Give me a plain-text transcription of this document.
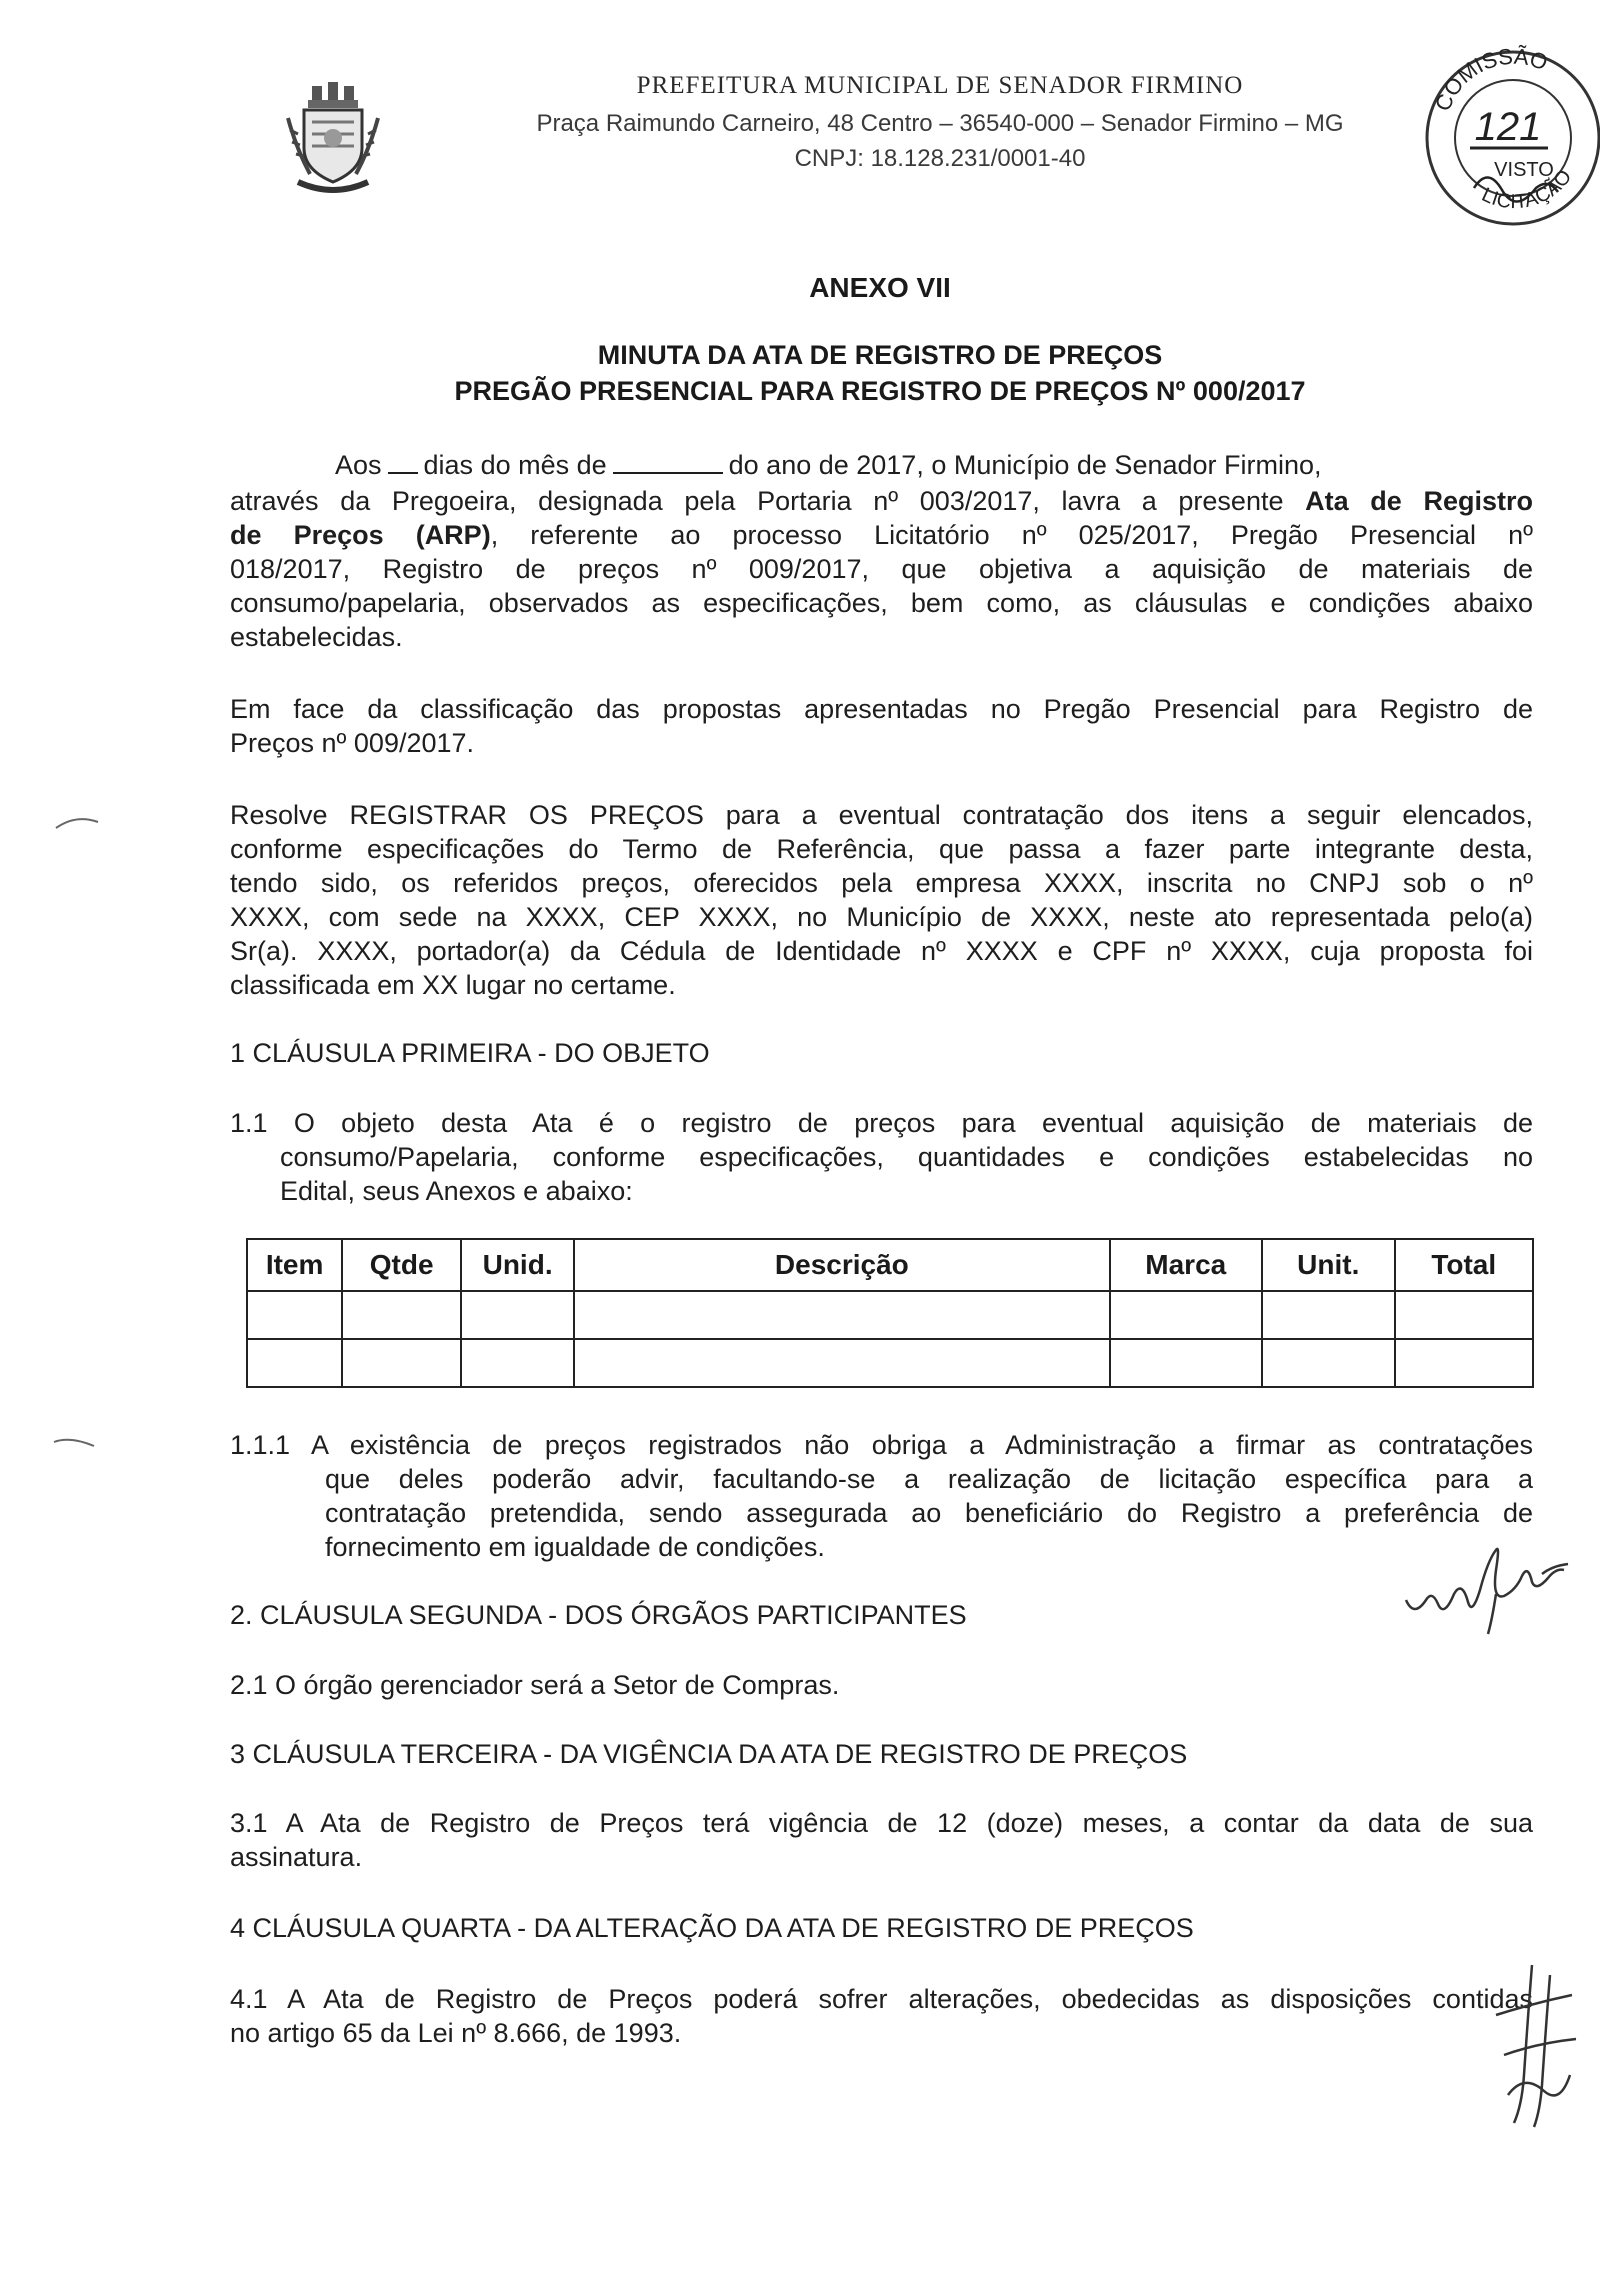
PREFEITURA MUNICIPAL DE SENADOR FIRMINO
Praça Raimundo Carneiro, 48 Centro – 36540-000 – Senador Firmino – MG
CNPJ: 18.128.231/0001-40
COMISSÃO
LICITAÇÃO
121
VISTO
ANEXO VII
MINUTA DA ATA DE REGISTRO DE PREÇOS
PREGÃO PRESENCIAL PARA REGISTRO DE PREÇOS Nº 000/2017
Aos dias do mês de	do ano de 2017, o Município de Senador Firmino,
através da Pregoeira, designada pela Portaria nº 003/2017, lavra a presente Ata de Registro
de Preços (ARP), referente ao processo Licitatório nº 025/2017, Pregão Presencial nº
018/2017, Registro de preços nº 009/2017, que objetiva a aquisição de materiais de
consumo/papelaria, observados as especificações, bem como, as cláusulas e condições abaixo
estabelecidas.
Em face da classificação das propostas apresentadas no Pregão Presencial para Registro de
Preços nº 009/2017.
Resolve REGISTRAR OS PREÇOS para a eventual contratação dos itens a seguir elencados,
conforme especificações do Termo de Referência, que passa a fazer parte integrante desta,
tendo sido, os referidos preços, oferecidos pela empresa XXXX, inscrita no CNPJ sob o nº
XXXX, com sede na XXXX, CEP XXXX, no Município de XXXX, neste ato representada pelo(a)
Sr(a). XXXX, portador(a) da Cédula de Identidade nº XXXX e CPF nº XXXX, cuja proposta foi
classificada em XX lugar no certame.
1 CLÁUSULA PRIMEIRA - DO OBJETO
1.1 O objeto desta Ata é o registro de preços para eventual aquisição de materiais de
consumo/Papelaria, conforme especificações, quantidades e condições estabelecidas no
Edital, seus Anexos e abaixo:
Item	Qtde	Unid.	Descrição	Marca	Unit.	Total

1.1.1 A existência de preços registrados não obriga a Administração a firmar as contratações
que deles poderão advir, facultando-se a realização de licitação específica para a
contratação pretendida, sendo assegurada ao beneficiário do Registro a preferência de
fornecimento em igualdade de condições.
2. CLÁUSULA SEGUNDA - DOS ÓRGÃOS PARTICIPANTES
2.1 O órgão gerenciador será a Setor de Compras.
3 CLÁUSULA TERCEIRA - DA VIGÊNCIA DA ATA DE REGISTRO DE PREÇOS
3.1 A Ata de Registro de Preços terá vigência de 12 (doze) meses, a contar da data de sua
assinatura.
4 CLÁUSULA QUARTA - DA ALTERAÇÃO DA ATA DE REGISTRO DE PREÇOS
4.1 A Ata de Registro de Preços poderá sofrer alterações, obedecidas as disposições contidas
no artigo 65 da Lei nº 8.666, de 1993.
